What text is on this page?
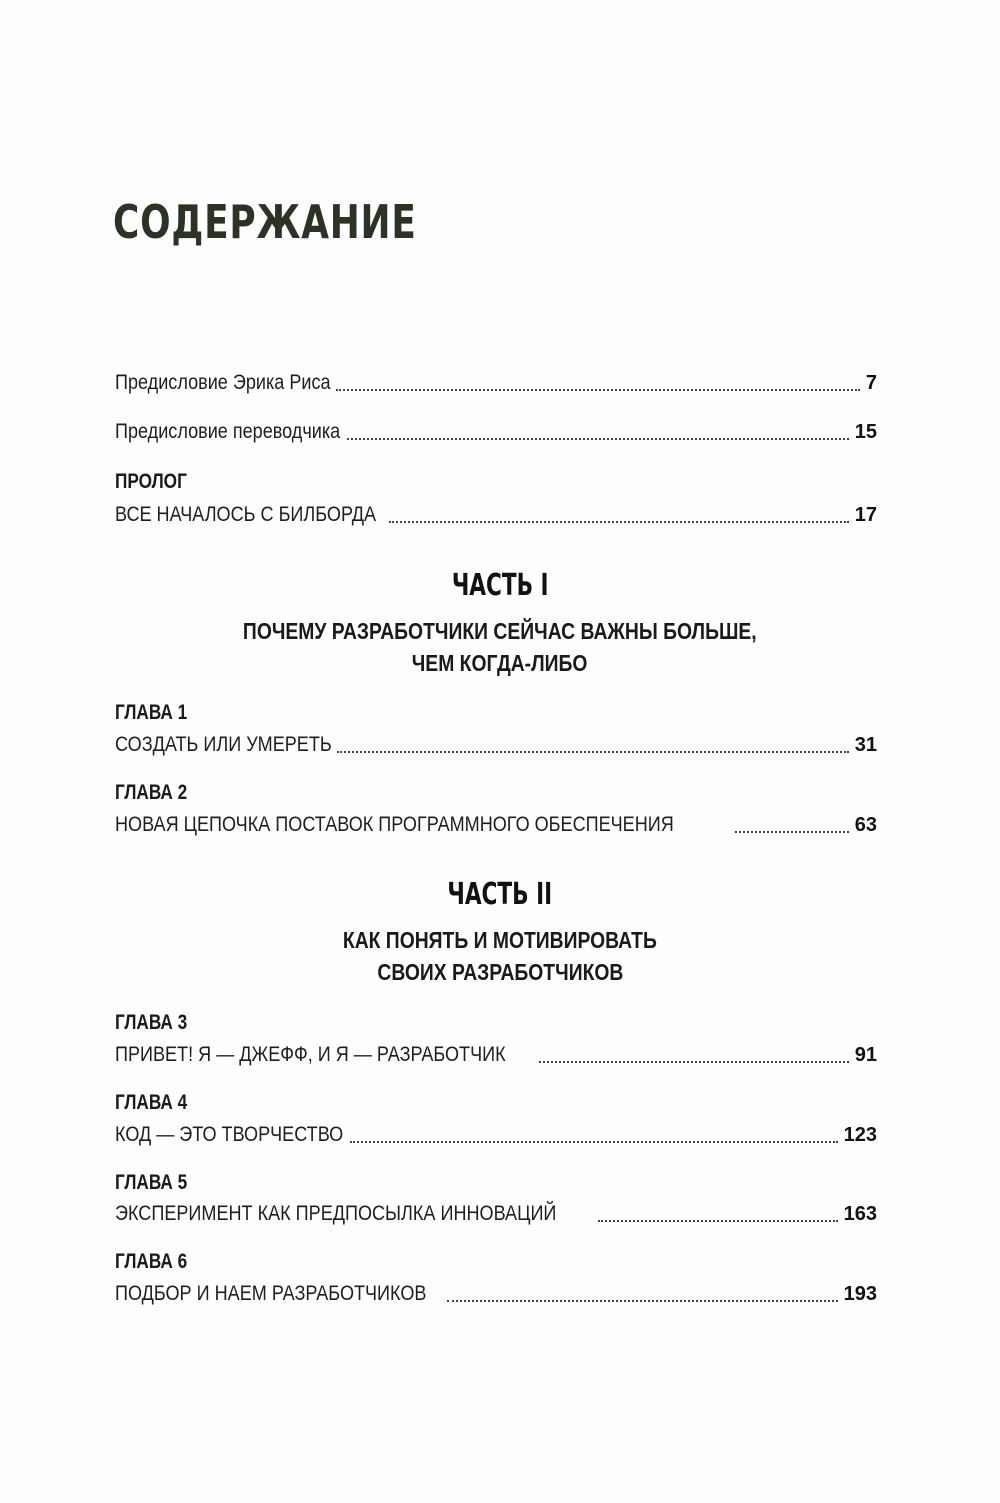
СОДЕРЖАНИЕ
Предисловие Эрика Риса	7
Предисловие переводчика	15
ПРОЛОГ
ВСЕ НАЧАЛОСЬ С БИЛБОРДА	17
ЧАСТЬ I
ПОЧЕМУ РАЗРАБОТЧИКИ СЕЙЧАС ВАЖНЫ БОЛЬШЕ,
ЧЕМ КОГДА-ЛИБО
ГЛАВА 1
СОЗДАТЬ ИЛИ УМЕРЕТЬ	31
ГЛАВА 2
НОВАЯ ЦЕПОЧКА ПОСТАВОК ПРОГРАММНОГО ОБЕСПЕЧЕНИЯ	63
ЧАСТЬ II
КАК ПОНЯТЬ И МОТИВИРОВАТЬ
СВОИХ РАЗРАБОТЧИКОВ
ГЛАВА 3
ПРИВЕТ! Я — ДЖЕФФ, И Я — РАЗРАБОТЧИК	91
ГЛАВА 4
КОД — ЭТО ТВОРЧЕСТВО	123
ГЛАВА 5
ЭКСПЕРИМЕНТ КАК ПРЕДПОСЫЛКА ИННОВАЦИЙ	163
ГЛАВА 6
ПОДБОР И НАЕМ РАЗРАБОТЧИКОВ	193
